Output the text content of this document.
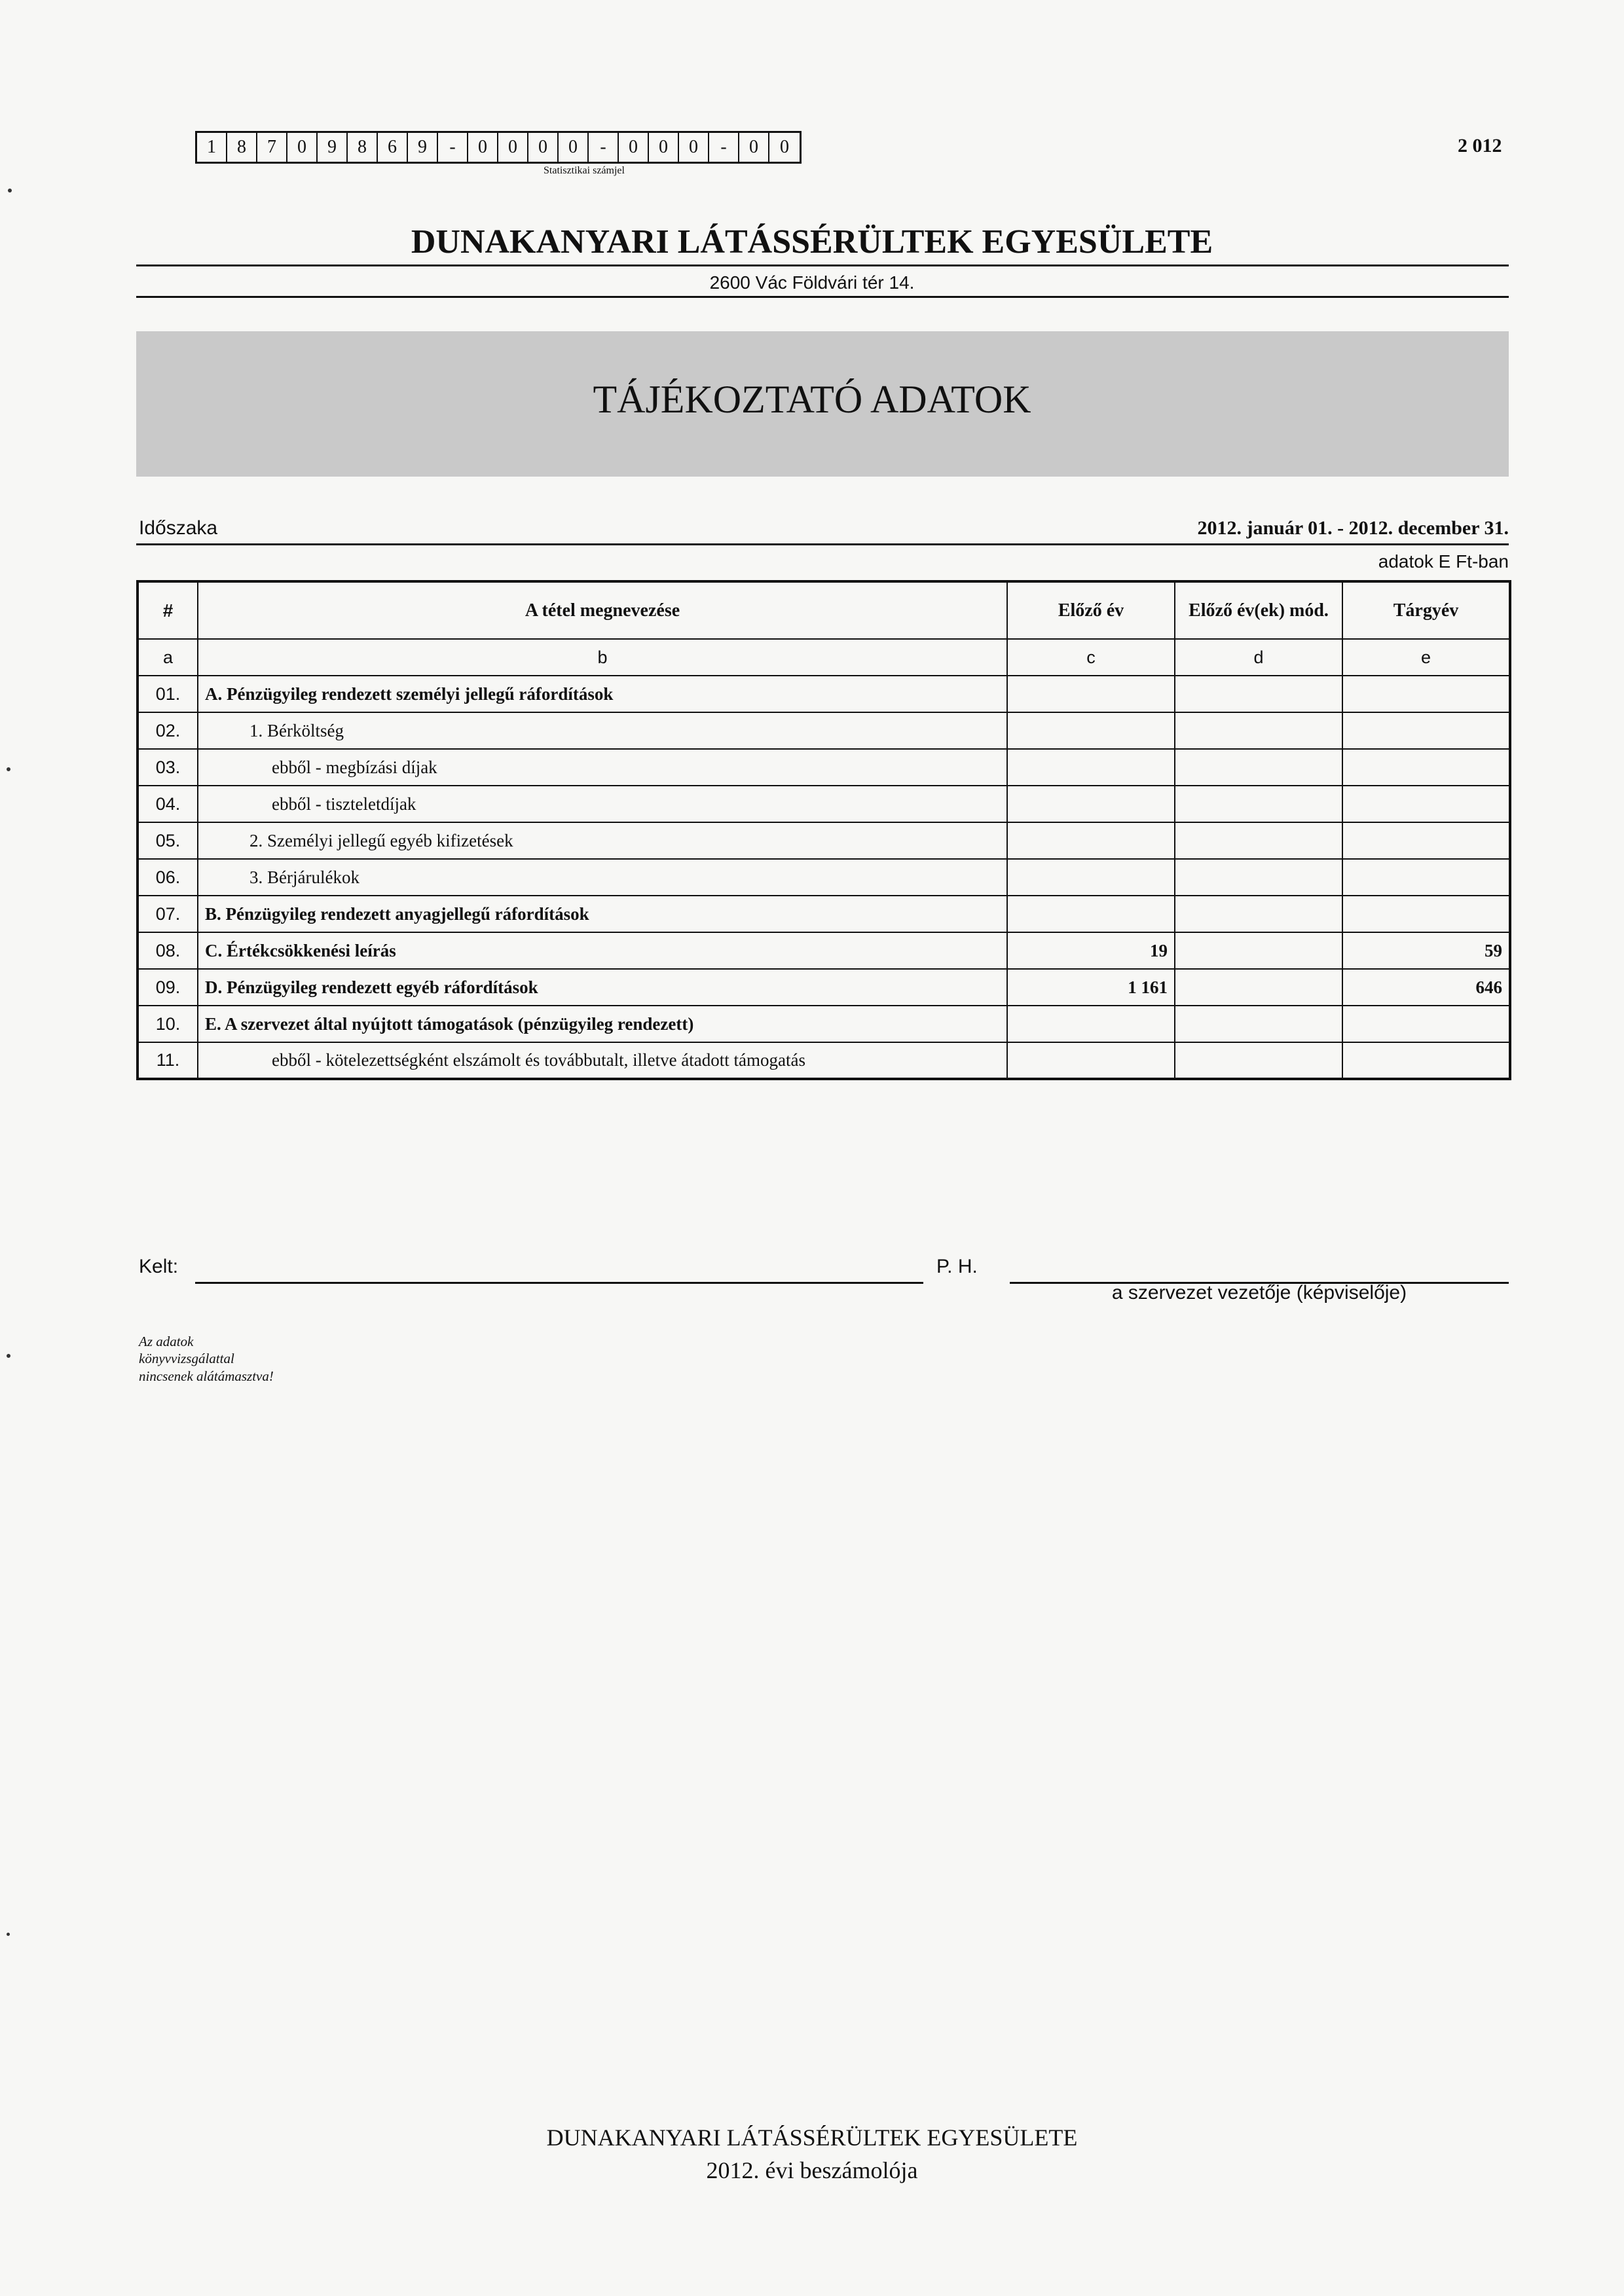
1	8	7	0	9	8	6	9	-	0	0	0	0	-	0	0	0	-	0	0
Statisztikai számjel
2 012
DUNAKANYARI LÁTÁSSÉRÜLTEK EGYESÜLETE
2600 Vác Földvári tér 14.
TÁJÉKOZTATÓ ADATOK
Időszaka	2012. január 01. - 2012. december 31.
adatok E Ft-ban
#	A tétel megnevezése	Előző év	Előző év(ek) mód.	Tárgyév
a	b	c	d	e
01.	A. Pénzügyileg rendezett személyi jellegű ráfordítások			
02.	1. Bérköltség			
03.	ebből - megbízási díjak			
04.	ebből - tiszteletdíjak			
05.	2. Személyi jellegű egyéb kifizetések			
06.	3. Bérjárulékok			
07.	B. Pénzügyileg rendezett anyagjellegű ráfordítások			
08.	C. Értékcsökkenési leírás	19		59
09.	D. Pénzügyileg rendezett egyéb ráfordítások	1 161		646
10.	E. A szervezet által nyújtott támogatások (pénzügyileg rendezett)			
11.	ebből - kötelezettségként elszámolt és továbbutalt, illetve átadott támogatás			
Kelt:	P. H.
a szervezet vezetője (képviselője)
Az adatok
könyvvizsgálattal
nincsenek alátámasztva!
DUNAKANYARI LÁTÁSSÉRÜLTEK EGYESÜLETE
2012. évi beszámolója
